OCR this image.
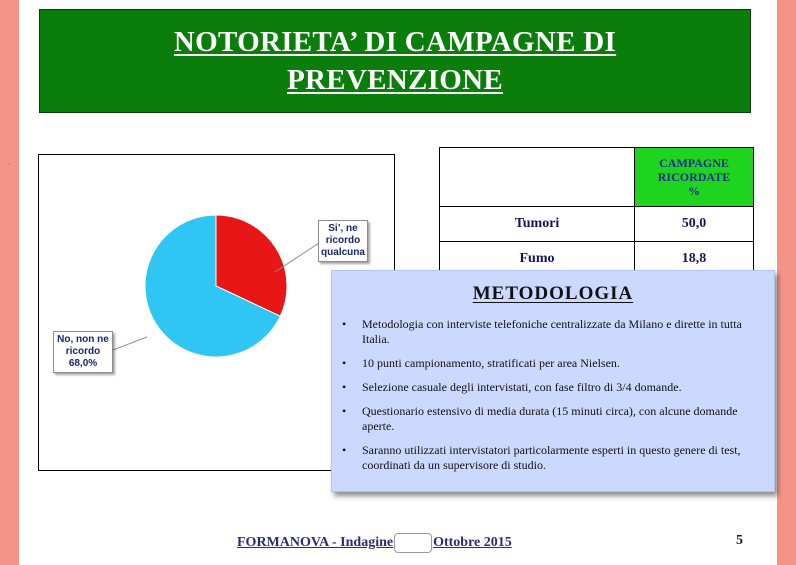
NOTORIETA’ DI CAMPAGNE DI
PREVENZIONE
·
Si’, ne
ricordo
qualcuna
No, non ne
ricordo
68,0%

	CAMPAGNE
RICORDATE
%

Tumori	50,0
Fumo	18,8
METODOLOGIA
• Metodologia con interviste telefoniche centralizzate da Milano e dirette in tutta Italia.
• 10 punti campionamento, stratificati per area Nielsen.
• Selezione casuale degli intervistati, con fase filtro di 3/4 domande.
• Questionario estensivo di media durata (15 minuti circa), con alcune domande aperte.
• Saranno utilizzati intervistatori particolarmente esperti in questo genere di test, coordinati da un supervisore di studio.
FORMANOVA - Indagine	Ottobre 2015	5
